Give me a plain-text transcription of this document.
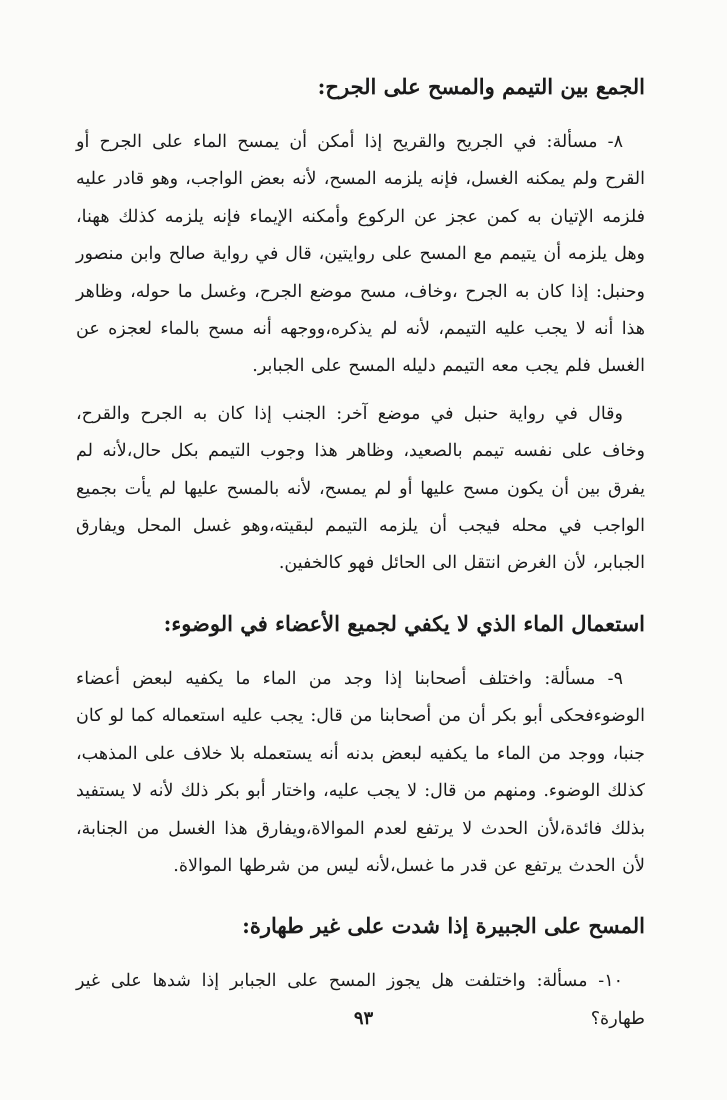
الجمع بين التيمم والمسح على الجرح:

٨- مسألة: في الجريح والقريح إذا أمكن أن يمسح الماء على الجرح أو القرح ولم يمكنه الغسل، فإنه يلزمه المسح، لأنه بعض الواجب، وهو قادر عليه فلزمه الإتيان به كمن عجز عن الركوع وأمكنه الإيماء فإنه يلزمه كذلك ههنا، وهل يلزمه أن يتيمم مع المسح على روايتين، قال في رواية صالح وابن منصور وحنبل: إذا كان به الجرح ،وخاف، مسح موضع الجرح، وغسل ما حوله، وظاهر هذا أنه لا يجب عليه التيمم، لأنه لم يذكره،ووجهه أنه مسح بالماء لعجزه عن الغسل فلم يجب معه التيمم دليله المسح على الجبابر.

وقال في رواية حنبل في موضع آخر: الجنب إذا كان به الجرح والقرح، وخاف على نفسه تيمم بالصعيد، وظاهر هذا وجوب التيمم بكل حال،لأنه لم يفرق بين أن يكون مسح عليها أو لم يمسح، لأنه بالمسح عليها لم يأت بجميع الواجب في محله فيجب أن يلزمه التيمم لبقيته،وهو غسل المحل ويفارق الجبابر، لأن الغرض انتقل الى الحائل فهو كالخفين.

استعمال الماء الذي لا يكفي لجميع الأعضاء في الوضوء:

٩- مسألة: واختلف أصحابنا إذا وجد من الماء ما يكفيه لبعض أعضاء الوضوءفحكى أبو بكر أن من أصحابنا من قال: يجب عليه استعماله كما لو كان جنبا، ووجد من الماء ما يكفيه لبعض بدنه أنه يستعمله بلا خلاف على المذهب، كذلك الوضوء. ومنهم من قال: لا يجب عليه، واختار أبو بكر ذلك لأنه لا يستفيد بذلك فائدة،لأن الحدث لا يرتفع لعدم الموالاة،ويفارق هذا الغسل من الجنابة، لأن الحدث يرتفع عن قدر ما غسل،لأنه ليس من شرطها الموالاة.

المسح على الجبيرة إذا شدت على غير طهارة:

١٠- مسألة: واختلفت هل يجوز المسح على الجبابر إذا شدها على غير طهارة؟

٩٣
